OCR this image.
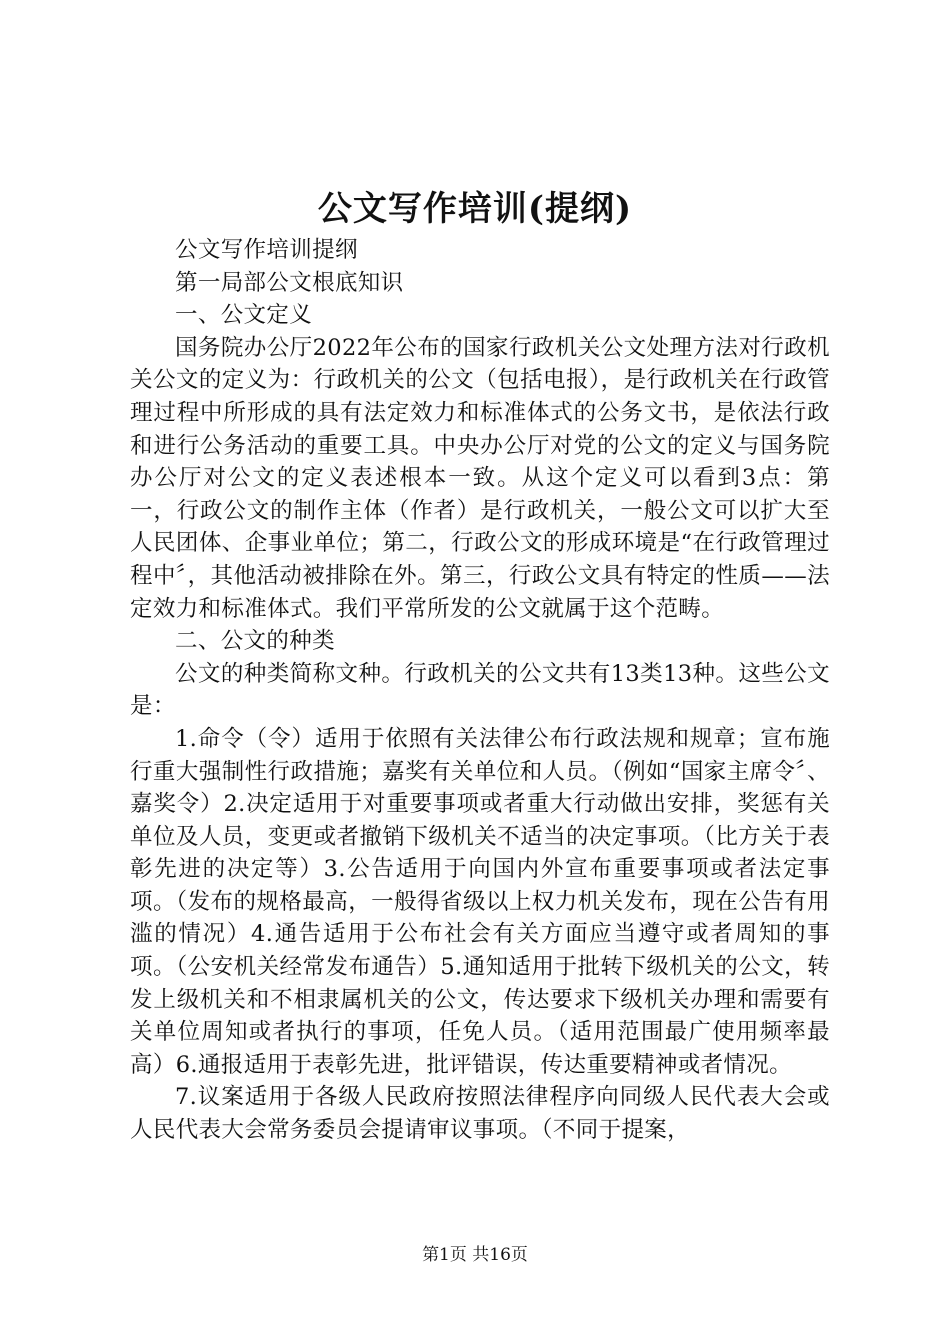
公文写作培训(提纲)

公文写作培训提纲

第一局部公文根底知识

一、公文定义

国务院办公厅2022年公布的国家行政机关公文处理方法对行政机关公文的定义为：行政机关的公文（包括电报），是行政机关在行政管理过程中所形成的具有法定效力和标准体式的公务文书，是依法行政和进行公务活动的重要工具。中央办公厅对党的公文的定义与国务院办公厅对公文的定义表述根本一致。从这个定义可以看到3点：第一，行政公文的制作主体（作者）是行政机关，一般公文可以扩大至人民团体、企事业单位；第二，行政公文的形成环境是“在行政管理过程中〞，其他活动被排除在外。第三，行政公文具有特定的性质——法定效力和标准体式。我们平常所发的公文就属于这个范畴。

二、公文的种类

公文的种类简称文种。行政机关的公文共有13类13种。这些公文是：

1.命令（令）适用于依照有关法律公布行政法规和规章；宣布施行重大强制性行政措施；嘉奖有关单位和人员。（例如“国家主席令〞、嘉奖令）2.决定适用于对重要事项或者重大行动做出安排，奖惩有关单位及人员，变更或者撤销下级机关不适当的决定事项。（比方关于表彰先进的决定等）3.公告适用于向国内外宣布重要事项或者法定事项。（发布的规格最高，一般得省级以上权力机关发布，现在公告有用滥的情况）4.通告适用于公布社会有关方面应当遵守或者周知的事项。（公安机关经常发布通告）5.通知适用于批转下级机关的公文，转发上级机关和不相隶属机关的公文，传达要求下级机关办理和需要有关单位周知或者执行的事项，任免人员。（适用范围最广使用频率最高）6.通报适用于表彰先进，批评错误，传达重要精神或者情况。

7.议案适用于各级人民政府按照法律程序向同级人民代表大会或人民代表大会常务委员会提请审议事项。（不同于提案，

第1页 共16页
